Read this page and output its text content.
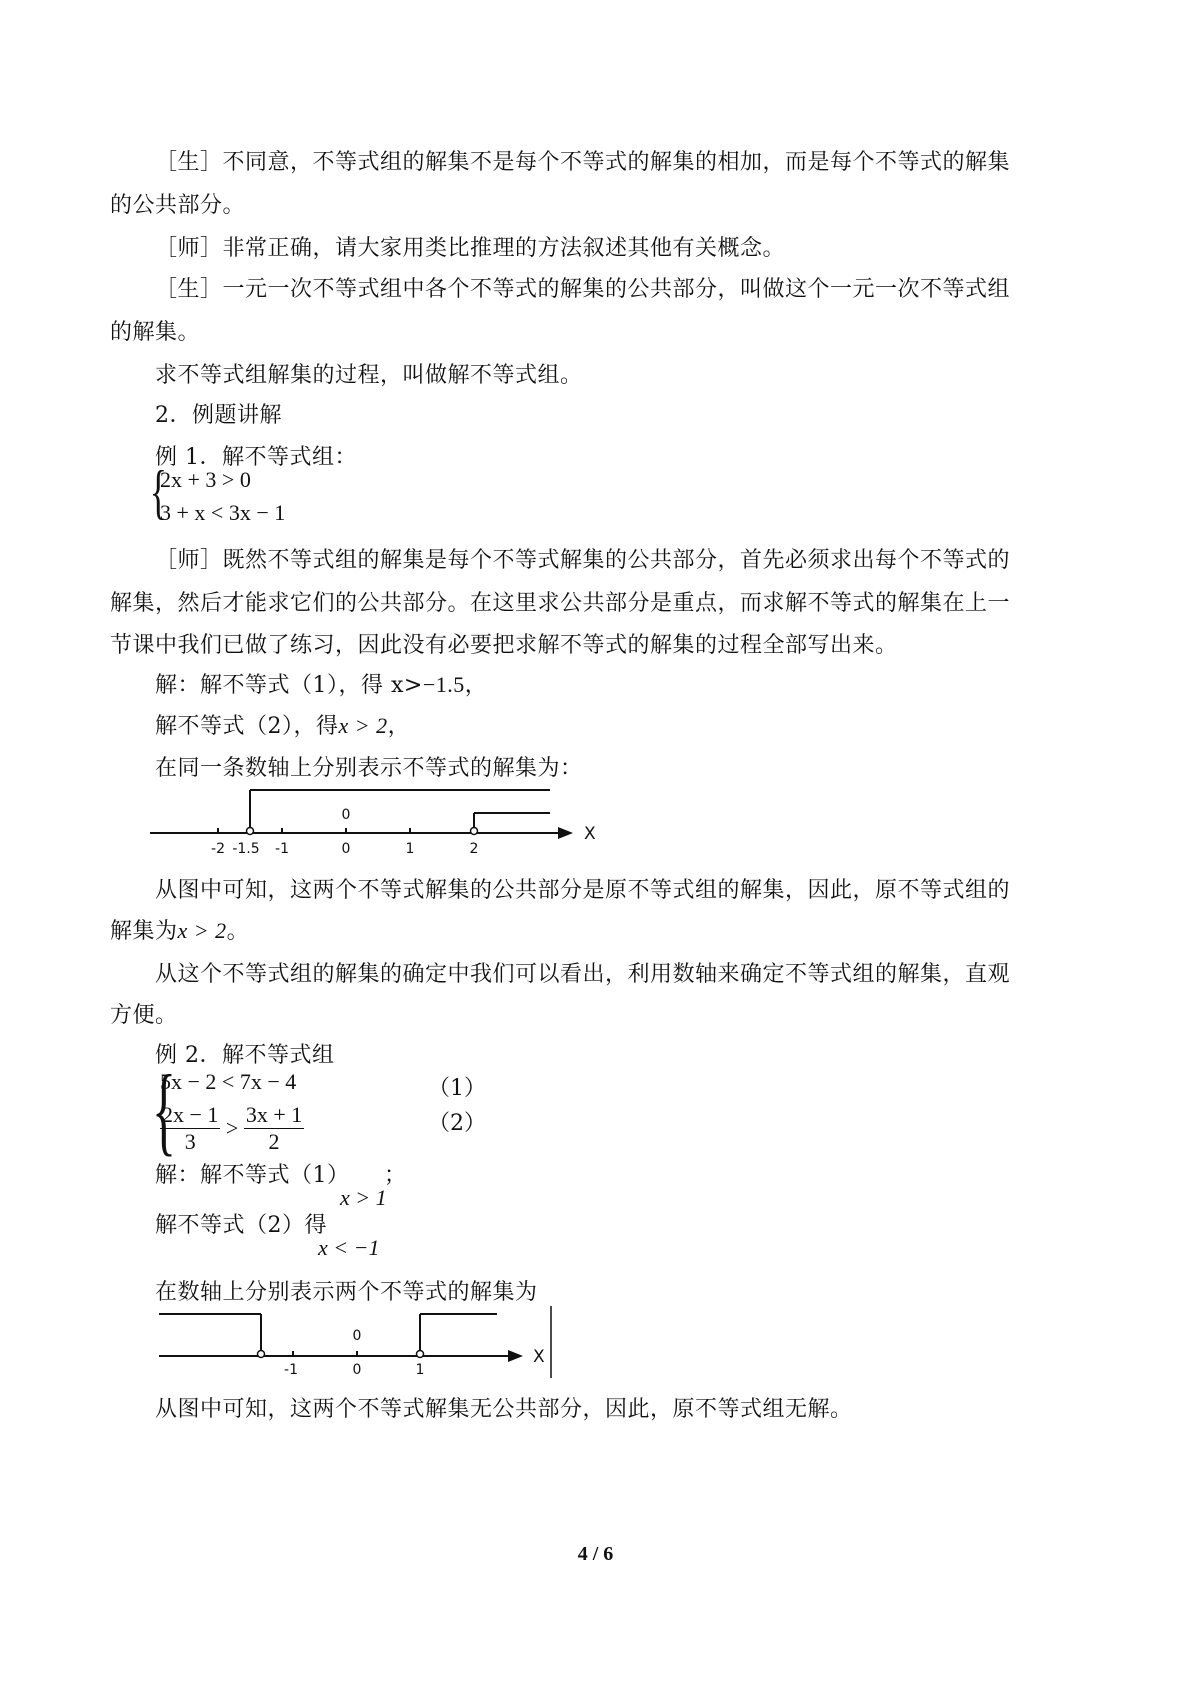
［生］不同意，不等式组的解集不是每个不等式的解集的相加，而是每个不等式的解集
的公共部分。
［师］非常正确，请大家用类比推理的方法叙述其他有关概念。
［生］一元一次不等式组中各个不等式的解集的公共部分，叫做这个一元一次不等式组
的解集。
求不等式组解集的过程，叫做解不等式组。
2．例题讲解
例 1．解不等式组：
{
2x + 3 > 0
3 + x < 3x − 1
［师］既然不等式组的解集是每个不等式解集的公共部分，首先必须求出每个不等式的
解集，然后才能求它们的公共部分。在这里求公共部分是重点，而求解不等式的解集在上一
节课中我们已做了练习，因此没有必要把求解不等式的解集的过程全部写出来。
解：解不等式（1），得 x>−1.5，
解不等式（2），得x > 2，
在同一条数轴上分别表示不等式的解集为：
X
0
-2 -1.5 -1	0	1	2
从图中可知，这两个不等式解集的公共部分是原不等式组的解集，因此，原不等式组的
解集为x > 2。
从这个不等式组的解集的确定中我们可以看出，利用数轴来确定不等式组的解集，直观
方便。
例 2．解不等式组
{
5x − 2 < 7x − 4
$\frac{2x - 1}{3} > \frac{3x + 1}{2}$
（1）
（2）
解：解不等式（1）
x > 1
；
解不等式（2）得
x < −1
在数轴上分别表示两个不等式的解集为
X
0
-1	0	1
从图中可知，这两个不等式解集无公共部分，因此，原不等式组无解。
4 / 6
